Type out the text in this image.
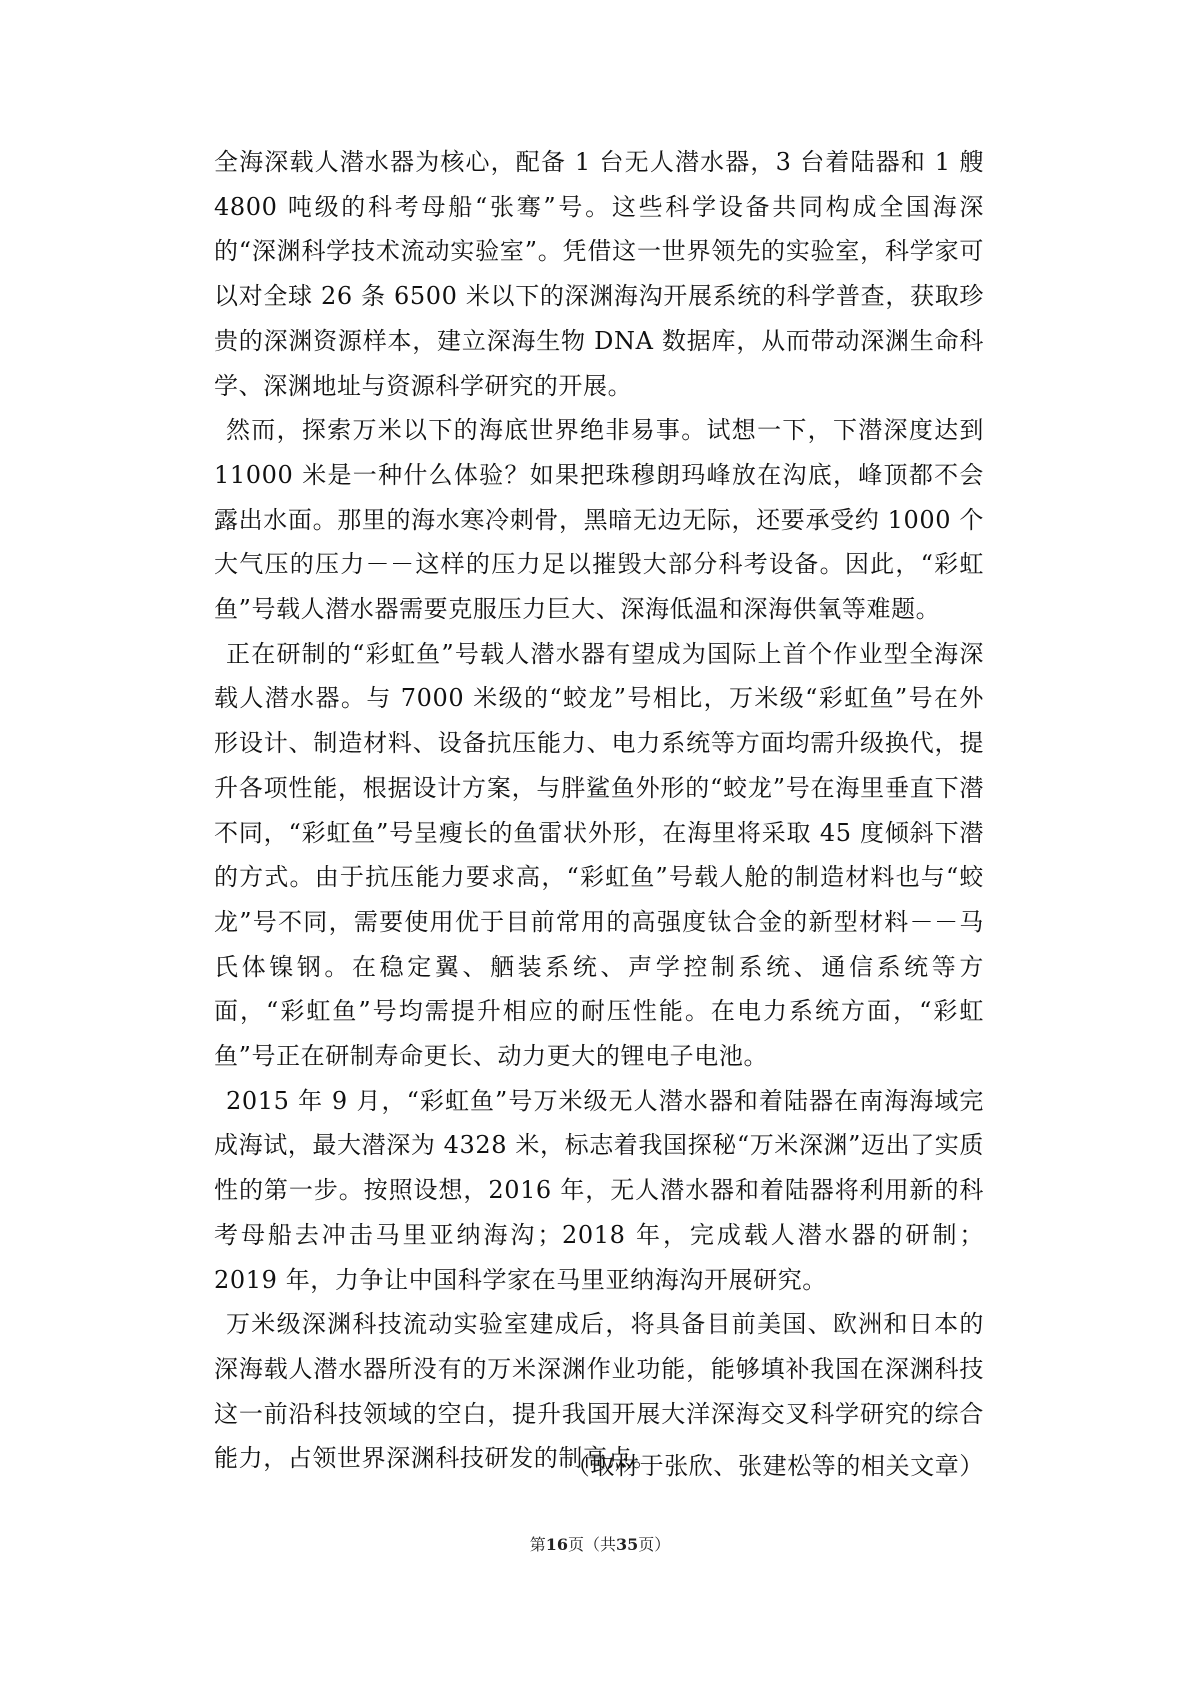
全海深载人潜水器为核心，配备 1 台无人潜水器，3 台着陆器和 1 艘 4800 吨级的科考母船“张骞”号。这些科学设备共同构成全国海深的“深渊科学技术流动实验室”。凭借这一世界领先的实验室，科学家可以对全球 26 条 6500 米以下的深渊海沟开展系统的科学普查，获取珍贵的深渊资源样本，建立深海生物 DNA 数据库，从而带动深渊生命科学、深渊地址与资源科学研究的开展。

然而，探索万米以下的海底世界绝非易事。试想一下，下潜深度达到 11000 米是一种什么体验？如果把珠穆朗玛峰放在沟底，峰顶都不会露出水面。那里的海水寒冷刺骨，黑暗无边无际，还要承受约 1000 个大气压的压力－－这样的压力足以摧毁大部分科考设备。因此，“彩虹鱼”号载人潜水器需要克服压力巨大、深海低温和深海供氧等难题。

正在研制的“彩虹鱼”号载人潜水器有望成为国际上首个作业型全海深载人潜水器。与 7000 米级的“蛟龙”号相比，万米级“彩虹鱼”号在外形设计、制造材料、设备抗压能力、电力系统等方面均需升级换代，提升各项性能，根据设计方案，与胖鲨鱼外形的“蛟龙”号在海里垂直下潜不同，“彩虹鱼”号呈瘦长的鱼雷状外形，在海里将采取 45 度倾斜下潜的方式。由于抗压能力要求高，“彩虹鱼”号载人舱的制造材料也与“蛟龙”号不同，需要使用优于目前常用的高强度钛合金的新型材料－－马氏体镍钢。在稳定翼、舾装系统、声学控制系统、通信系统等方面，“彩虹鱼”号均需提升相应的耐压性能。在电力系统方面，“彩虹鱼”号正在研制寿命更长、动力更大的锂电子电池。

2015 年 9 月，“彩虹鱼”号万米级无人潜水器和着陆器在南海海域完成海试，最大潜深为 4328 米，标志着我国探秘“万米深渊”迈出了实质性的第一步。按照设想，2016 年，无人潜水器和着陆器将利用新的科考母船去冲击马里亚纳海沟；2018 年，完成载人潜水器的研制；2019 年，力争让中国科学家在马里亚纳海沟开展研究。

万米级深渊科技流动实验室建成后，将具备目前美国、欧洲和日本的深海载人潜水器所没有的万米深渊作业功能，能够填补我国在深渊科技这一前沿科技领域的空白，提升我国开展大洋深海交叉科学研究的综合能力，占领世界深渊科技研发的制高点。

（取材于张欣、张建松等的相关文章）
第16页（共35页）
